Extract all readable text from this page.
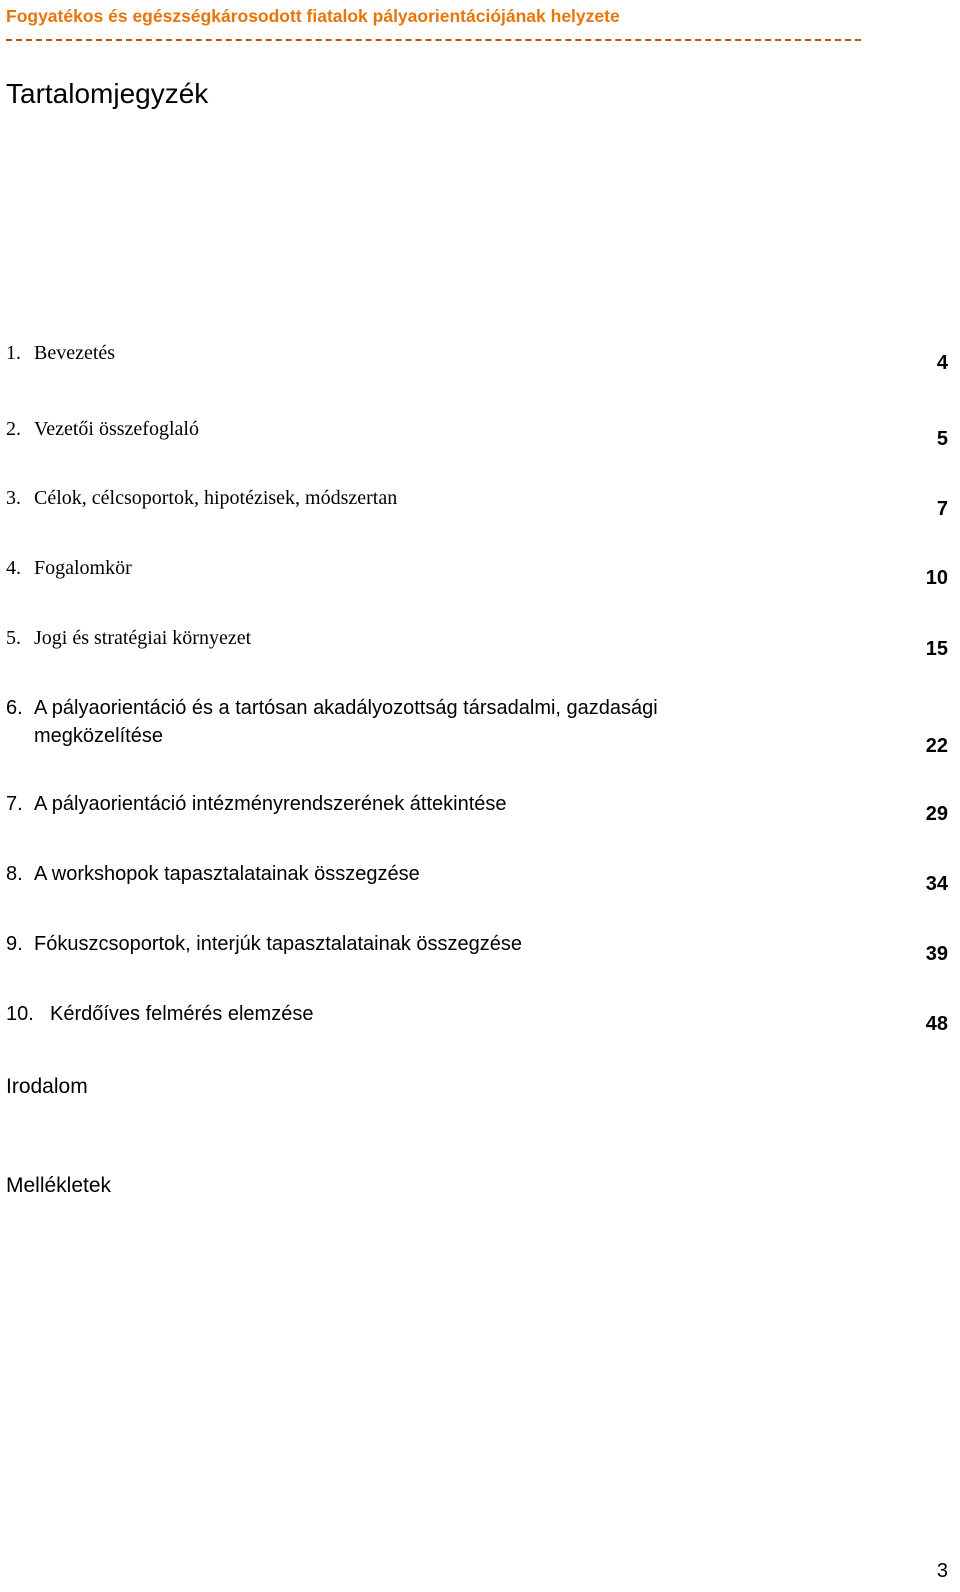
Fogyatékos és egészségkárosodott fiatalok pályaorientációjának helyzete
Tartalomjegyzék
1. Bevezetés	4
2. Vezetői összefoglaló	5
3. Célok, célcsoportok, hipotézisek, módszertan	7
4. Fogalomkör	10
5. Jogi és stratégiai környezet	15
6. A pályaorientáció és a tartósan akadályozottság társadalmi, gazdasági
megközelítése	22
7. A pályaorientáció intézményrendszerének áttekintése	29
8. A workshopok tapasztalatainak összegzése	34
9. Fókuszcsoportok, interjúk tapasztalatainak összegzése	39
10. Kérdőíves felmérés elemzése	48
Irodalom
Mellékletek
3
